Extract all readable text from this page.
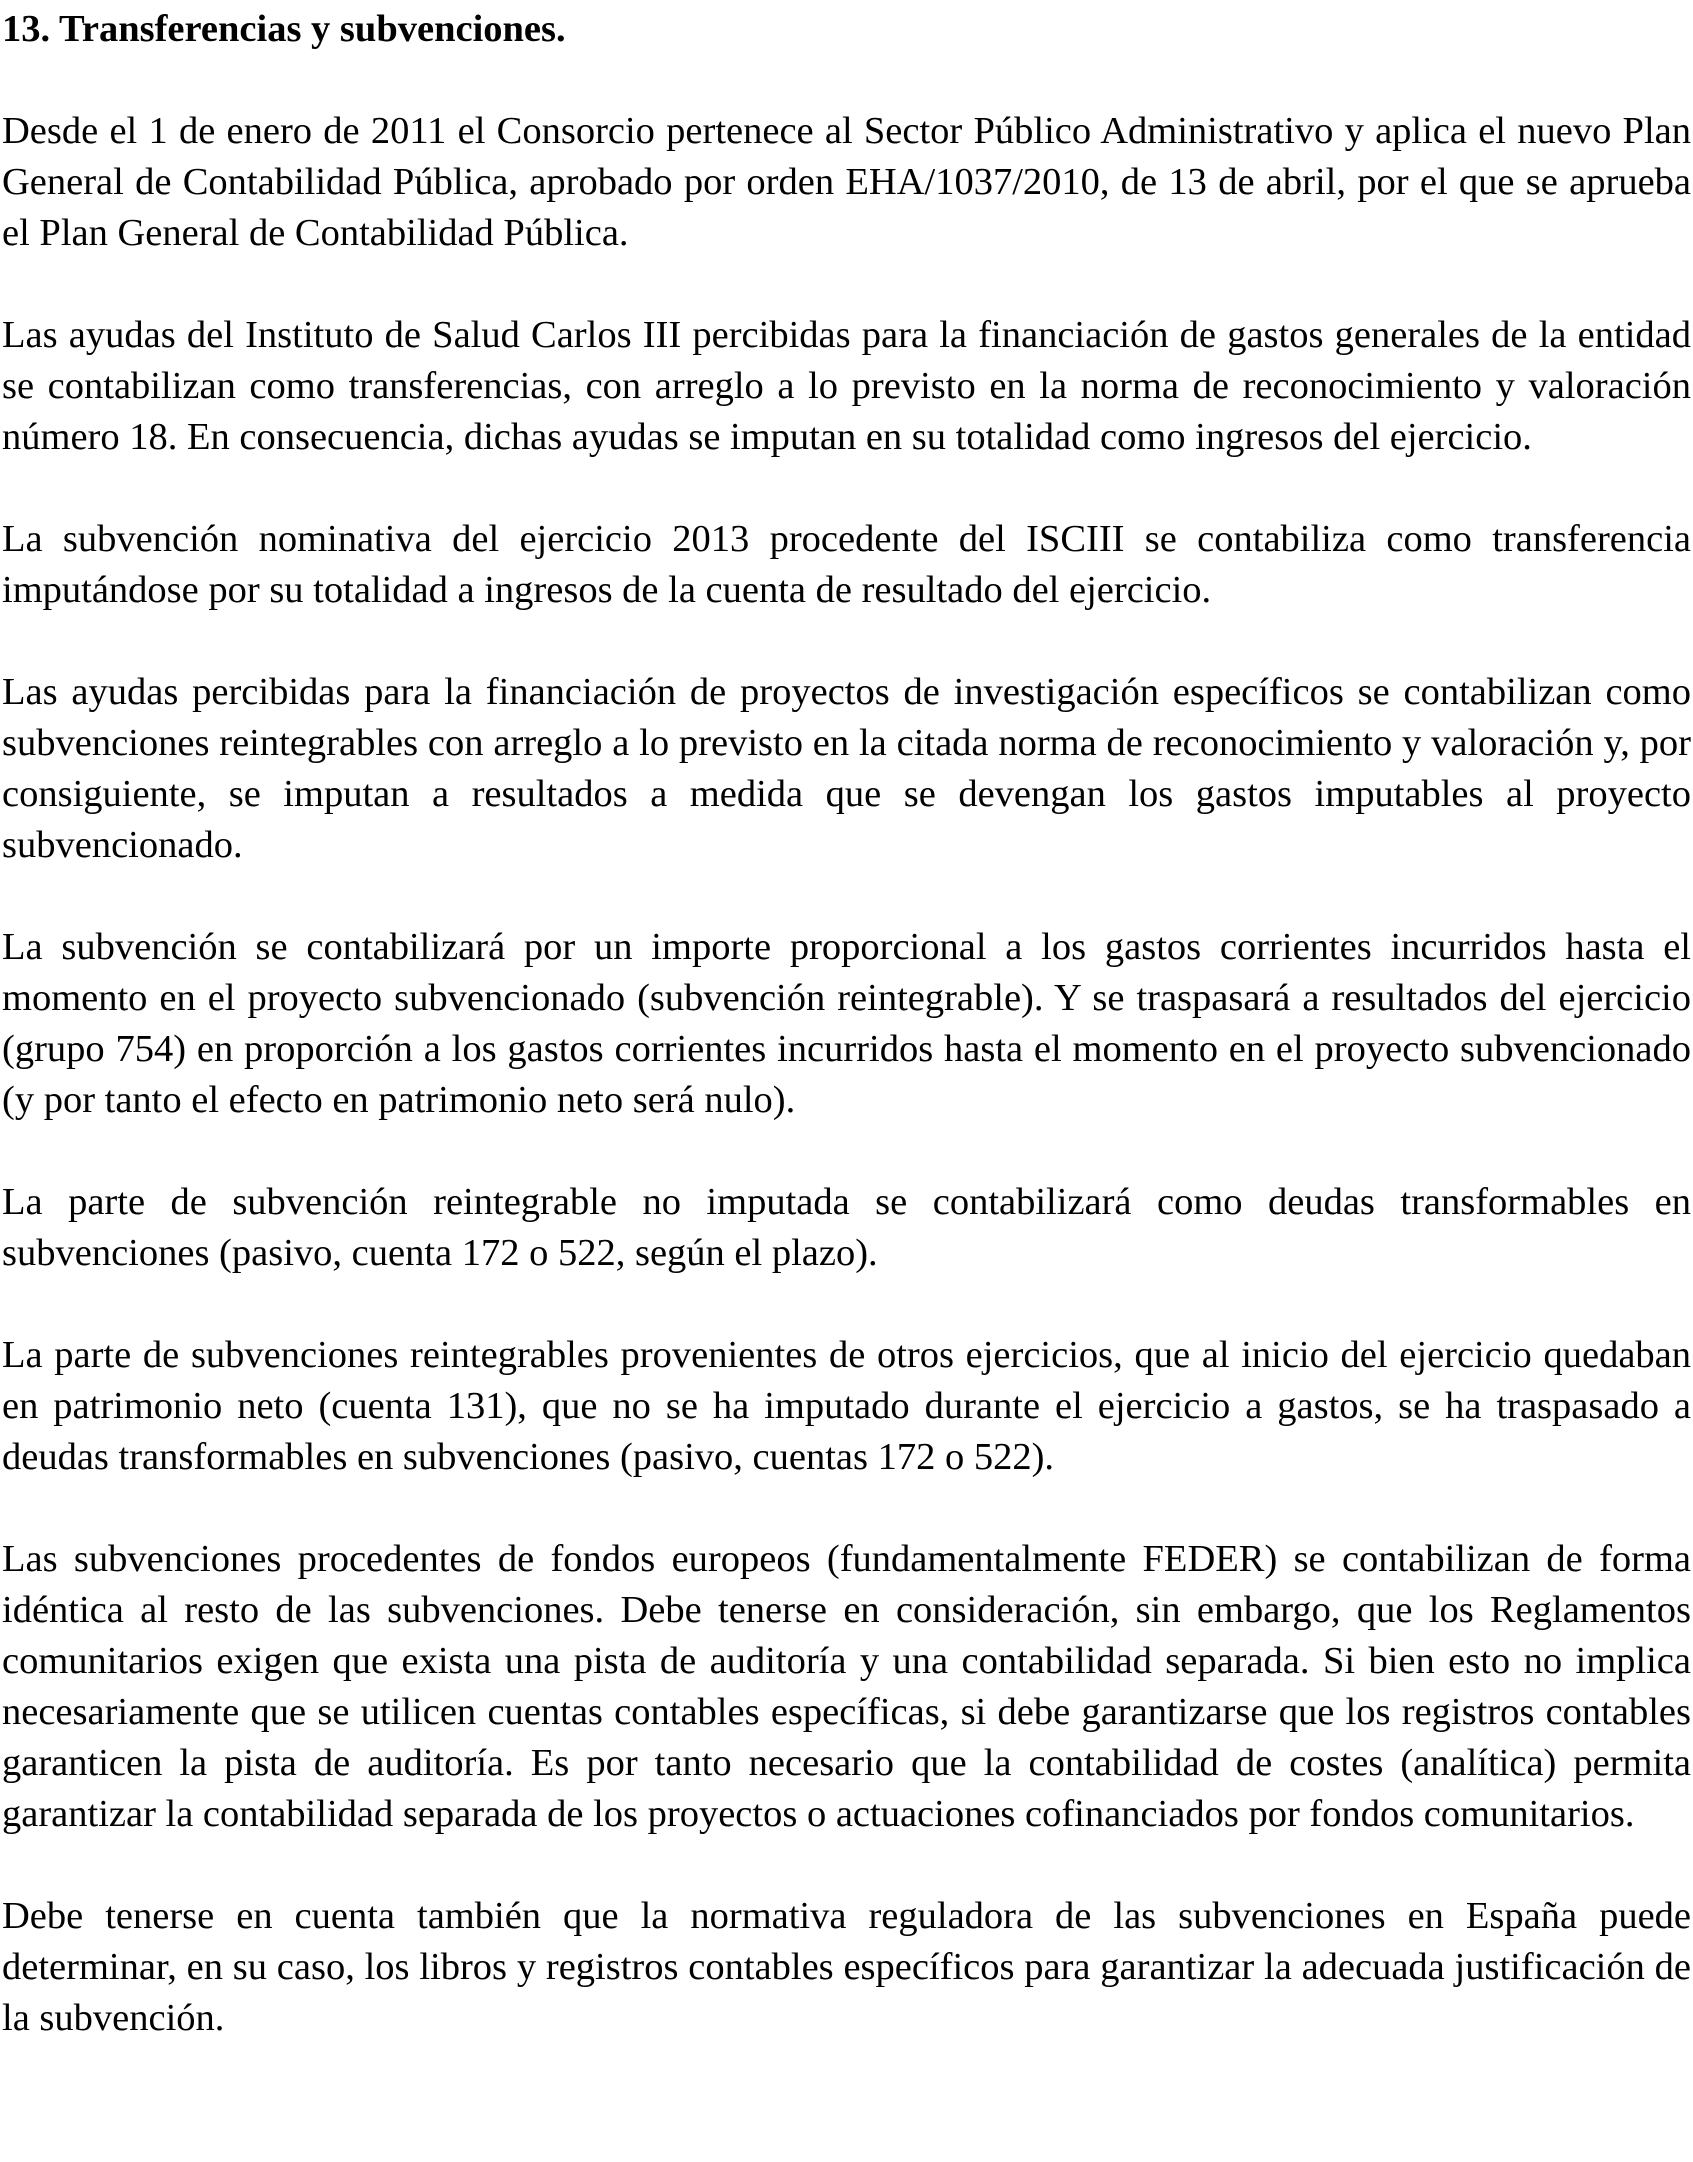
13. Transferencias y subvenciones.

Desde el 1 de enero de 2011 el Consorcio pertenece al Sector Público Administrativo y aplica el nuevo Plan General de Contabilidad Pública, aprobado por orden EHA/1037/2010, de 13 de abril, por el que se aprueba el Plan General de Contabilidad Pública.

Las ayudas del Instituto de Salud Carlos III percibidas para la financiación de gastos generales de la entidad se contabilizan como transferencias, con arreglo a lo previsto en la norma de reconocimiento y valoración número 18. En consecuencia, dichas ayudas se imputan en su totalidad como ingresos del ejercicio.

La subvención nominativa del ejercicio 2013 procedente del ISCIII se contabiliza como transferencia imputándose por su totalidad a ingresos de la cuenta de resultado del ejercicio.

Las ayudas percibidas para la financiación de proyectos de investigación específicos se contabilizan como subvenciones reintegrables con arreglo a lo previsto en la citada norma de reconocimiento y valoración y, por consiguiente, se imputan a resultados a medida que se devengan los gastos imputables al proyecto subvencionado.

La subvención se contabilizará por un importe proporcional a los gastos corrientes incurridos hasta el momento en el proyecto subvencionado (subvención reintegrable). Y se traspasará a resultados del ejercicio (grupo 754) en proporción a los gastos corrientes incurridos hasta el momento en el proyecto subvencionado (y por tanto el efecto en patrimonio neto será nulo).

La parte de subvención reintegrable no imputada se contabilizará como deudas transformables en subvenciones (pasivo, cuenta 172 o 522, según el plazo).

La parte de subvenciones reintegrables provenientes de otros ejercicios, que al inicio del ejercicio quedaban en patrimonio neto (cuenta 131), que no se ha imputado durante el ejercicio a gastos, se ha traspasado a deudas transformables en subvenciones (pasivo, cuentas 172 o 522).

Las subvenciones procedentes de fondos europeos (fundamentalmente FEDER) se contabilizan de forma idéntica al resto de las subvenciones. Debe tenerse en consideración, sin embargo, que los Reglamentos comunitarios exigen que exista una pista de auditoría y una contabilidad separada. Si bien esto no implica necesariamente que se utilicen cuentas contables específicas, si debe garantizarse que los registros contables garanticen la pista de auditoría. Es por tanto necesario que la contabilidad de costes (analítica) permita garantizar la contabilidad separada de los proyectos o actuaciones cofinanciados por fondos comunitarios.

Debe tenerse en cuenta también que la normativa reguladora de las subvenciones en España puede determinar, en su caso, los libros y registros contables específicos para garantizar la adecuada justificación de la subvención.
